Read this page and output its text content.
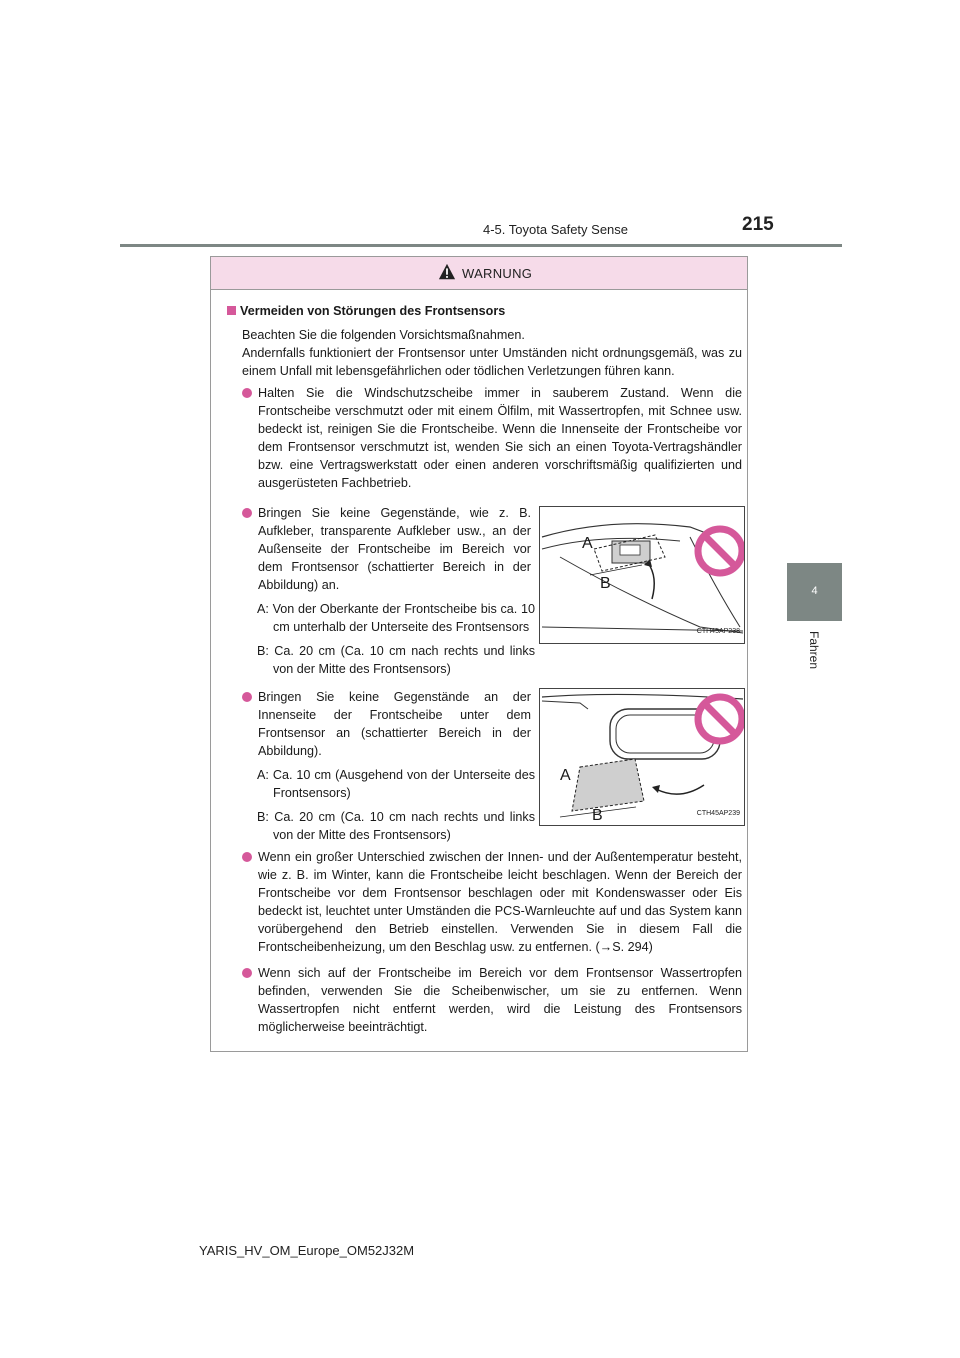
4-5. Toyota Safety Sense	215
4
Fahren
WARNUNG
Vermeiden von Störungen des Frontsensors
Beachten Sie die folgenden Vorsichtsmaßnahmen.
Andernfalls funktioniert der Frontsensor unter Umständen nicht ordnungsgemäß, was zu einem Unfall mit lebensgefährlichen oder tödlichen Verletzungen führen kann.
Halten Sie die Windschutzscheibe immer in sauberem Zustand. Wenn die Frontscheibe verschmutzt oder mit einem Ölfilm, mit Wassertropfen, mit Schnee usw. bedeckt ist, reinigen Sie die Frontscheibe. Wenn die Innenseite der Frontscheibe vor dem Frontsensor verschmutzt ist, wenden Sie sich an einen Toyota-Vertragshändler bzw. eine Vertragswerkstatt oder einen anderen vorschriftsmäßig qualifizierten und ausgerüsteten Fachbetrieb.
Bringen Sie keine Gegenstände, wie z. B. Aufkleber, transparente Aufkleber usw., an der Außenseite der Frontscheibe im Bereich vor dem Frontsensor (schattierter Bereich in der Abbildung) an.
A: Von der Oberkante der Frontscheibe bis ca. 10 cm unterhalb der Unterseite des Frontsensors
B: Ca. 20 cm (Ca. 10 cm nach rechts und links von der Mitte des Frontsensors)
A
B
CTH45AP238
Bringen Sie keine Gegenstände an der Innenseite der Frontscheibe unter dem Frontsensor an (schattierter Bereich in der Abbildung).
A: Ca. 10 cm (Ausgehend von der Unterseite des Frontsensors)
B: Ca. 20 cm (Ca. 10 cm nach rechts und links von der Mitte des Frontsensors)
A
B	CTH45AP239
Wenn ein großer Unterschied zwischen der Innen- und der Außentemperatur besteht, wie z. B. im Winter, kann die Frontscheibe leicht beschlagen. Wenn der Bereich der Frontscheibe vor dem Frontsensor beschlagen oder mit Kondenswasser oder Eis bedeckt ist, leuchtet unter Umständen die PCS-Warnleuchte auf und das System kann vorübergehend den Betrieb einstellen. Verwenden Sie in diesem Fall die Frontscheibenheizung, um den Beschlag usw. zu entfernen. (→S. 294)
Wenn sich auf der Frontscheibe im Bereich vor dem Frontsensor Wassertropfen befinden, verwenden Sie die Scheibenwischer, um sie zu entfernen. Wenn Wassertropfen nicht entfernt werden, wird die Leistung des Frontsensors möglicherweise beeinträchtigt.
YARIS_HV_OM_Europe_OM52J32M
